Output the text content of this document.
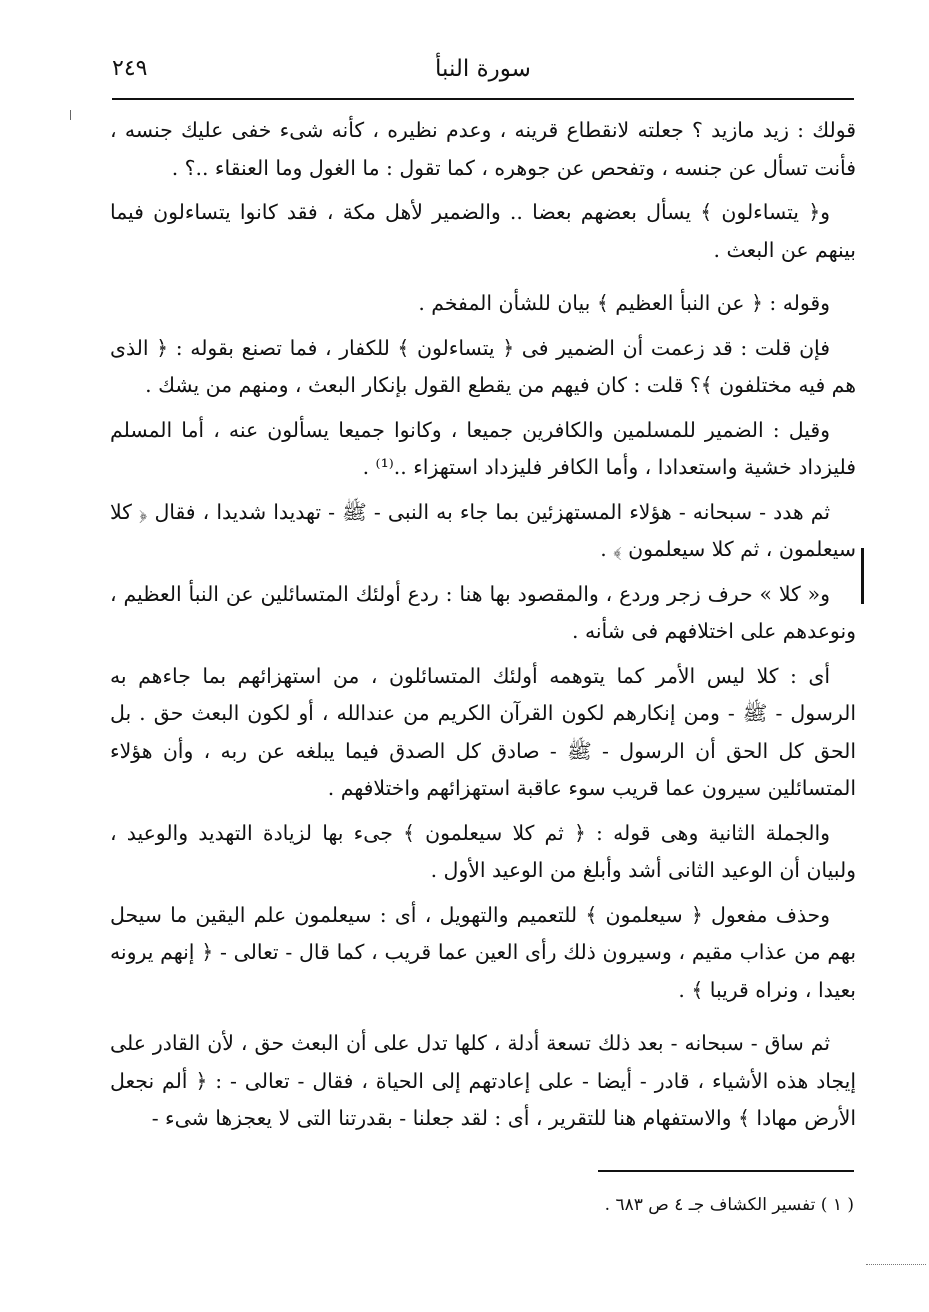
٢٤٩	سورة النبأ

قولك : زيد مازيد ؟ جعلته لانقطاع قرينه ، وعدم نظيره ، كأنه شىء خفى عليك جنسه ، فأنت تسأل عن جنسه ، وتفحص عن جوهره ، كما تقول : ما الغول وما العنقاء ..؟ .

و﴿ يتساءلون ﴾ يسأل بعضهم بعضا .. والضمير لأهل مكة ، فقد كانوا يتساءلون فيما بينهم عن البعث .

وقوله : ﴿ عن النبأ العظيم ﴾ بيان للشأن المفخم .

فإن قلت : قد زعمت أن الضمير فى ﴿ يتساءلون ﴾ للكفار ، فما تصنع بقوله : ﴿ الذى هم فيه مختلفون ﴾؟ قلت : كان فيهم من يقطع القول بإنكار البعث ، ومنهم من يشك .

وقيل : الضمير للمسلمين والكافرين جميعا ، وكانوا جميعا يسألون عنه ، أما المسلم فليزداد خشية واستعدادا ، وأما الكافر فليزداد استهزاء ..⁽¹⁾ .

ثم هدد - سبحانه - هؤلاء المستهزئين بما جاء به النبى - ﷺ - تهديدا شديدا ، فقال ﴿ كلا سيعلمون ، ثم كلا سيعلمون ﴾ .

و« كلا » حرف زجر وردع ، والمقصود بها هنا : ردع أولئك المتسائلين عن النبأ العظيم ، ونوعدهم على اختلافهم فى شأنه .

أى : كلا ليس الأمر كما يتوهمه أولئك المتسائلون ، من استهزائهم بما جاءهم به الرسول - ﷺ - ومن إنكارهم لكون القرآن الكريم من عندالله ، أو لكون البعث حق . بل الحق كل الحق أن الرسول - ﷺ - صادق كل الصدق فيما يبلغه عن ربه ، وأن هؤلاء المتسائلين سيرون عما قريب سوء عاقبة استهزائهم واختلافهم .

والجملة الثانية وهى قوله : ﴿ ثم كلا سيعلمون ﴾ جىء بها لزيادة التهديد والوعيد ، ولبيان أن الوعيد الثانى أشد وأبلغ من الوعيد الأول .

وحذف مفعول ﴿ سيعلمون ﴾ للتعميم والتهويل ، أى : سيعلمون علم اليقين ما سيحل بهم من عذاب مقيم ، وسيرون ذلك رأى العين عما قريب ، كما قال - تعالى - ﴿ إنهم يرونه بعيدا ، ونراه قريبا ﴾ .

ثم ساق - سبحانه - بعد ذلك تسعة أدلة ، كلها تدل على أن البعث حق ، لأن القادر على إيجاد هذه الأشياء ، قادر - أيضا - على إعادتهم إلى الحياة ، فقال - تعالى - : ﴿ ألم نجعل الأرض مهادا ﴾ والاستفهام هنا للتقرير ، أى : لقد جعلنا - بقدرتنا التى لا يعجزها شىء -

( ١ ) تفسير الكشاف جـ ٤ ص ٦٨٣ .
